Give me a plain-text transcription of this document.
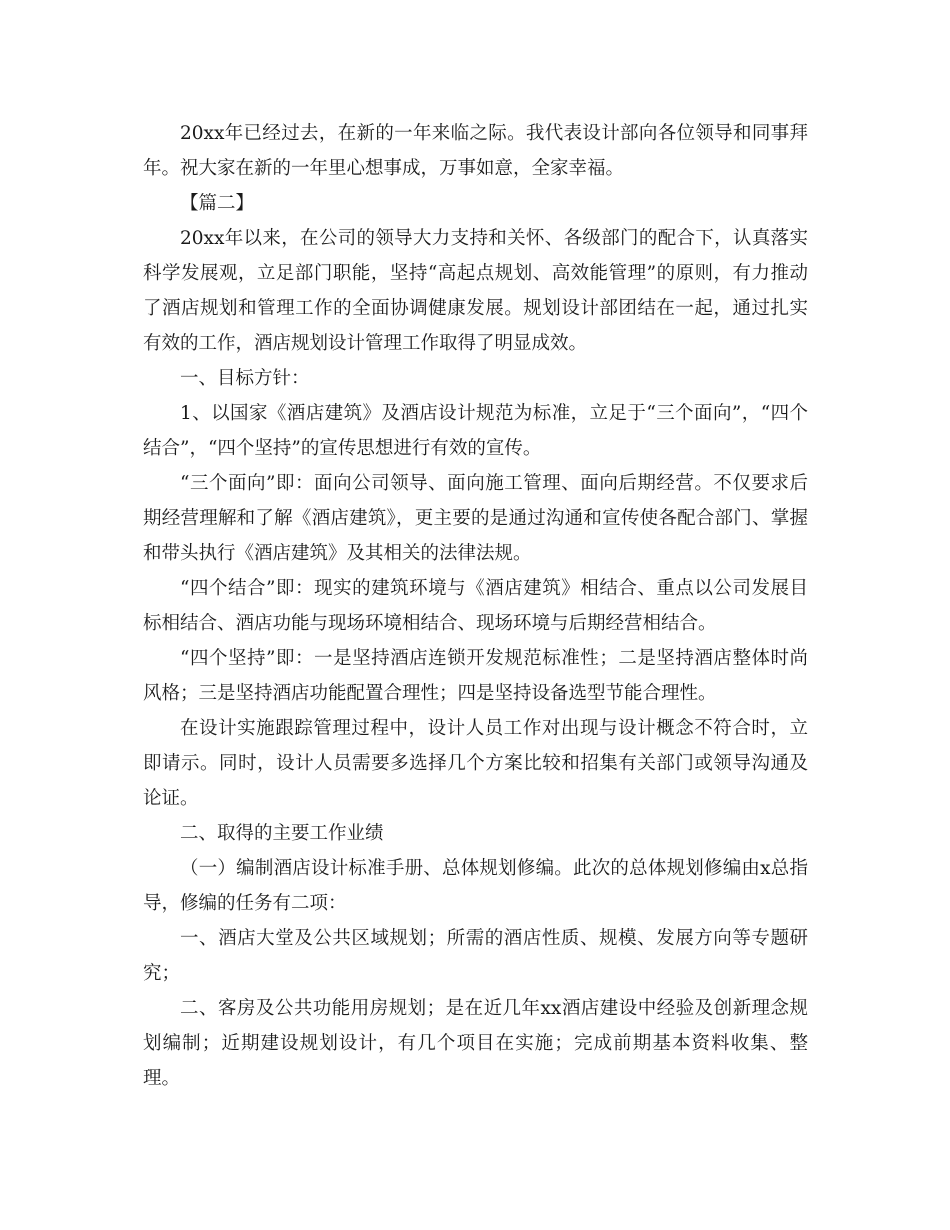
20xx年已经过去，在新的一年来临之际。我代表设计部向各位领导和同事拜年。祝大家在新的一年里心想事成，万事如意，全家幸福。

【篇二】

20xx年以来，在公司的领导大力支持和关怀、各级部门的配合下，认真落实科学发展观，立足部门职能，坚持“高起点规划、高效能管理”的原则，有力推动了酒店规划和管理工作的全面协调健康发展。规划设计部团结在一起，通过扎实有效的工作，酒店规划设计管理工作取得了明显成效。

一、目标方针：

1、以国家《酒店建筑》及酒店设计规范为标准，立足于“三个面向”，“四个结合”，“四个坚持”的宣传思想进行有效的宣传。

“三个面向”即：面向公司领导、面向施工管理、面向后期经营。不仅要求后期经营理解和了解《酒店建筑》，更主要的是通过沟通和宣传使各配合部门、掌握和带头执行《酒店建筑》及其相关的法律法规。

“四个结合”即：现实的建筑环境与《酒店建筑》相结合、重点以公司发展目标相结合、酒店功能与现场环境相结合、现场环境与后期经营相结合。

“四个坚持”即：一是坚持酒店连锁开发规范标准性；二是坚持酒店整体时尚风格；三是坚持酒店功能配置合理性；四是坚持设备选型节能合理性。

在设计实施跟踪管理过程中，设计人员工作对出现与设计概念不符合时，立即请示。同时，设计人员需要多选择几个方案比较和招集有关部门或领导沟通及论证。

二、取得的主要工作业绩

（一）编制酒店设计标准手册、总体规划修编。此次的总体规划修编由x总指导，修编的任务有二项：

一、酒店大堂及公共区域规划；所需的酒店性质、规模、发展方向等专题研究；

二、客房及公共功能用房规划；是在近几年xx酒店建设中经验及创新理念规划编制；近期建设规划设计，有几个项目在实施；完成前期基本资料收集、整理。
